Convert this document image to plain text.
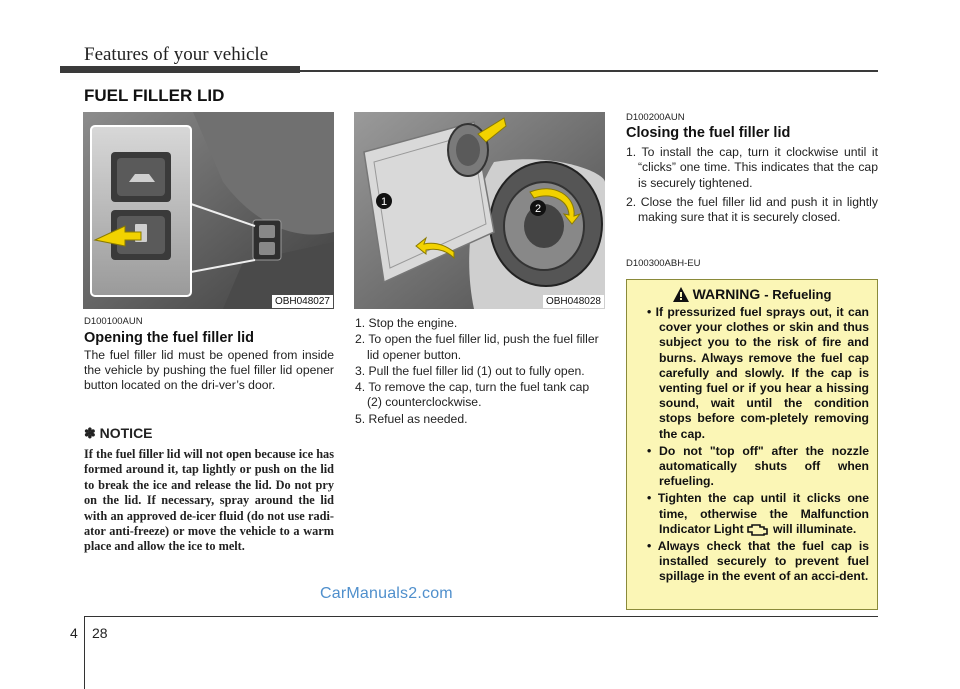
Features of your vehicle
FUEL FILLER LID
OBH048027
1
2
OBH048028
D100100AUN
Opening the fuel filler lid
The fuel filler lid must be opened from inside the vehicle by pushing the fuel filler lid opener button located on the dri-ver’s door.
✽ NOTICE
If the fuel filler lid will not open because ice has formed around it, tap lightly or push on the lid to break the ice and release the lid. Do not pry on the lid. If necessary, spray around the lid with an approved de-icer fluid (do not use radi-ator anti-freeze) or move the vehicle to a warm place and allow the ice to melt.
1. Stop the engine.
2. To open the fuel filler lid, push the fuel filler lid opener button.
3. Pull the fuel filler lid (1) out to fully open.
4. To remove the cap, turn the fuel tank cap (2) counterclockwise.
5. Refuel as needed.
D100200AUN
Closing the fuel filler lid
1. To install the cap, turn it clockwise until it “clicks” one time. This indicates that the cap is securely tightened.
2. Close the fuel filler lid and push it in lightly making sure that it is securely closed.
D100300ABH-EU
WARNING - Refueling
• If pressurized fuel sprays out, it can cover your clothes or skin and thus subject you to the risk of fire and burns. Always remove the fuel cap carefully and slowly. If the cap is venting fuel or if you hear a hissing sound, wait until the condition stops before com-pletely removing the cap.
• Do not "top off" after the nozzle automatically shuts off when refueling.
• Tighten the cap until it clicks one time, otherwise the Malfunction Indicator Light will illuminate.
• Always check that the fuel cap is installed securely to prevent fuel spillage in the event of an acci-dent.
CarManuals2.com
4 28
